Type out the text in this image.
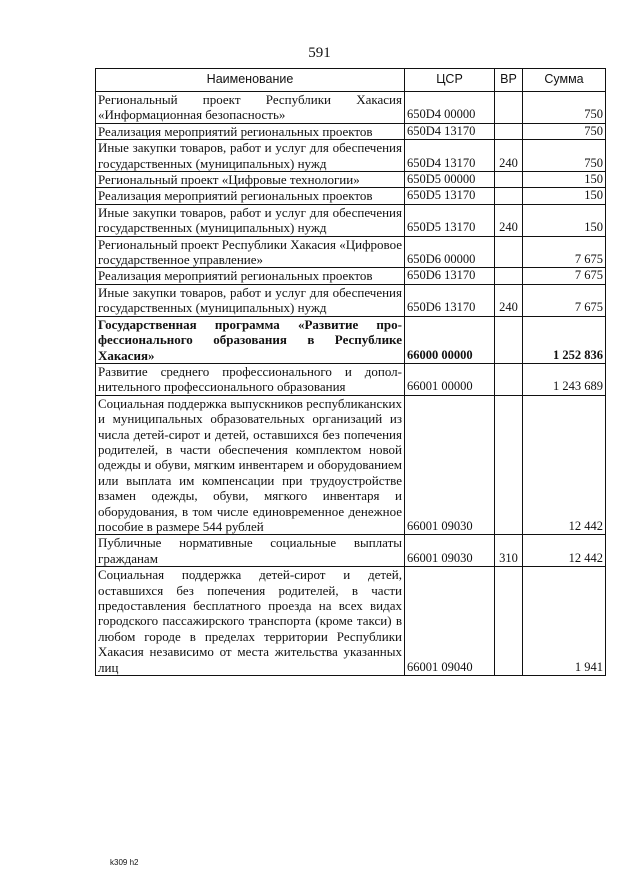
591
Наименование	ЦСР	ВР	Сумма
Региональный проект Республики Хакасия «Информационная безопасность»	650D4 00000		750
Реализация мероприятий региональных проектов	650D4 13170		750
Иные закупки товаров, работ и услуг для обеспечения государственных (муниципальных) нужд	650D4 13170	240	750
Региональный проект «Цифровые технологии»	650D5 00000		150
Реализация мероприятий региональных проектов	650D5 13170		150
Иные закупки товаров, работ и услуг для обеспечения государственных (муниципальных) нужд	650D5 13170	240	150
Региональный проект Республики Хакасия «Цифровое государственное управление»	650D6 00000		7 675
Реализация мероприятий региональных проектов	650D6 13170		7 675
Иные закупки товаров, работ и услуг для обеспечения государственных (муниципальных) нужд	650D6 13170	240	7 675
Государственная программа «Развитие профессионального образования в Республике Хакасия»	66000 00000		1 252 836
Развитие среднего профессионального и дополнительного профессионального образования	66001 00000		1 243 689
Социальная поддержка выпускников республиканских и муниципальных образовательных организаций из числа детей-сирот и детей, оставшихся без попечения родителей, в части обеспечения комплектом новой одежды и обуви, мягким инвентарем и оборудованием или выплата им компенсации при трудоустройстве взамен одежды, обуви, мягкого инвентаря и оборудования, в том числе единовременное денежное пособие в размере 544 рублей	66001 09030		12 442
Публичные нормативные социальные выплаты гражданам	66001 09030	310	12 442
Социальная поддержка детей-сирот и детей, оставшихся без попечения родителей, в части предоставления бесплатного проезда на всех видах городского пассажирского транспорта (кроме такси) в любом городе в пределах территории Республики Хакасия независимо от места жительства указанных лиц	66001 09040		1 941
k309 h2
